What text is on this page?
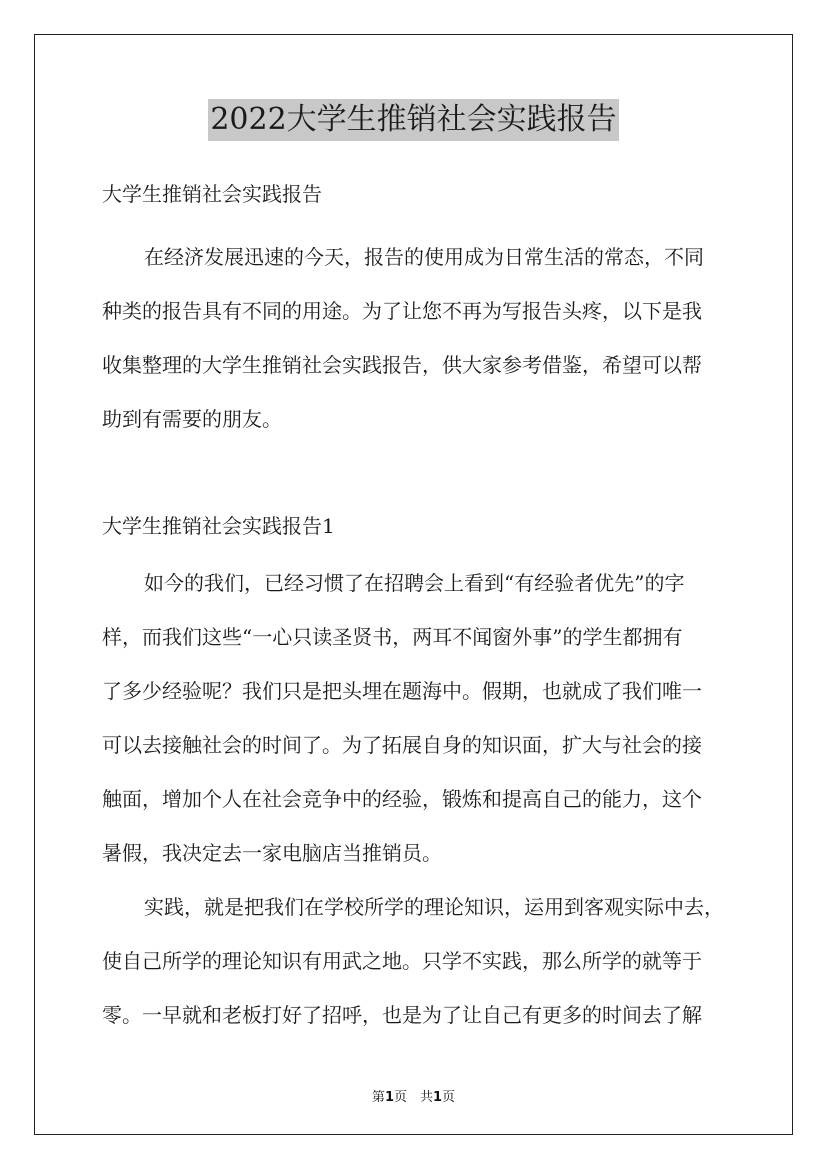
2022大学生推销社会实践报告
大学生推销社会实践报告
在经济发展迅速的今天，报告的使用成为日常生活的常态，不同
种类的报告具有不同的用途。为了让您不再为写报告头疼，以下是我
收集整理的大学生推销社会实践报告，供大家参考借鉴，希望可以帮
助到有需要的朋友。
大学生推销社会实践报告1
如今的我们，已经习惯了在招聘会上看到“有经验者优先”的字
样，而我们这些“一心只读圣贤书，两耳不闻窗外事”的学生都拥有
了多少经验呢？我们只是把头埋在题海中。假期，也就成了我们唯一
可以去接触社会的时间了。为了拓展自身的知识面，扩大与社会的接
触面，增加个人在社会竞争中的经验，锻炼和提高自己的能力，这个
暑假，我决定去一家电脑店当推销员。
实践，就是把我们在学校所学的理论知识，运用到客观实际中去，
使自己所学的理论知识有用武之地。只学不实践，那么所学的就等于
零。一早就和老板打好了招呼，也是为了让自己有更多的时间去了解
第1页　共1页
